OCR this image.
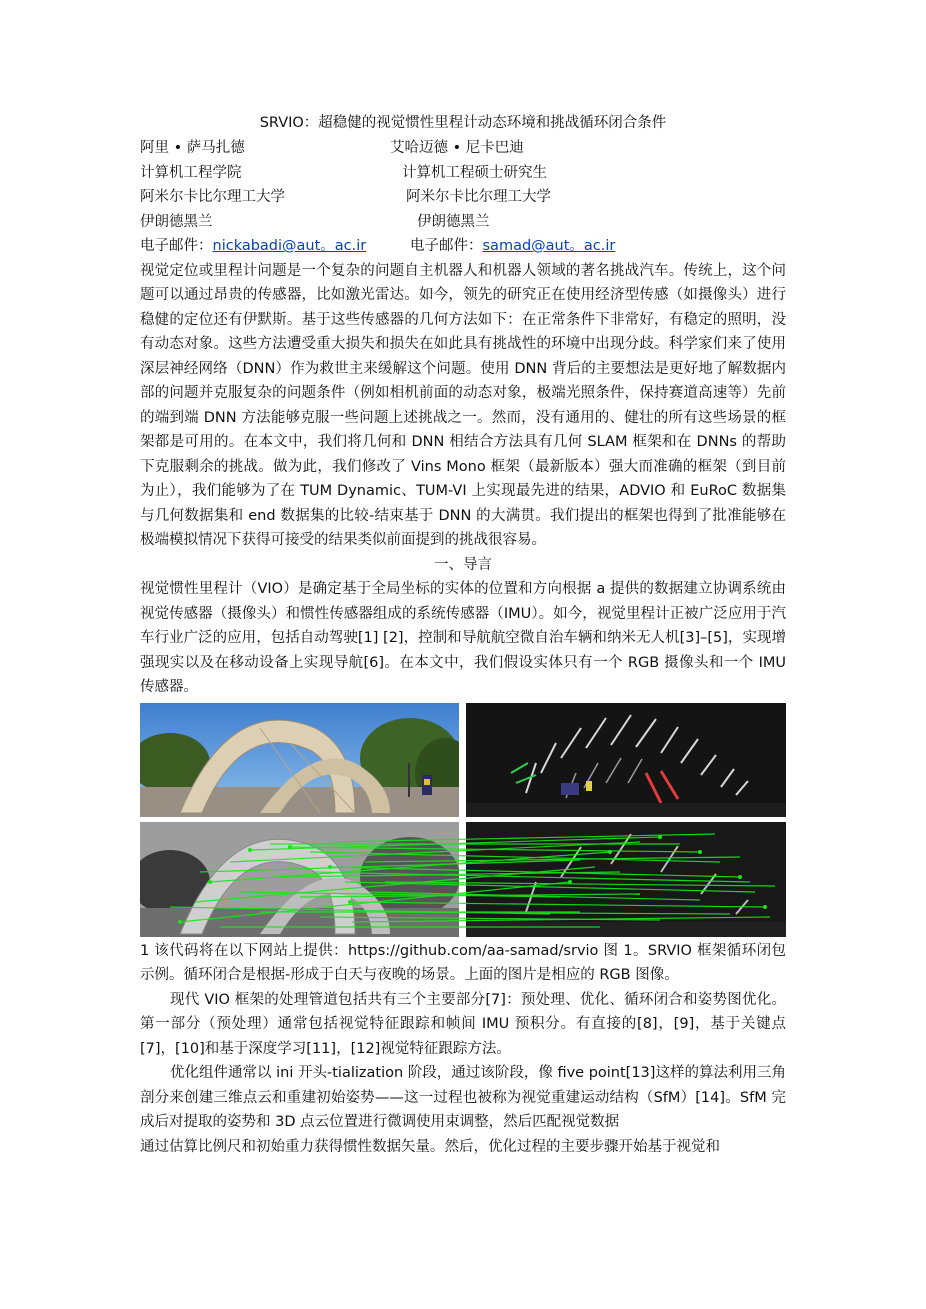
SRVIO：超稳健的视觉惯性里程计动态环境和挑战循环闭合条件
阿里 • 萨马扎德	艾哈迈德 • 尼卡巴迪
计算机工程学院	计算机工程硕士研究生
阿米尔卡比尔理工大学	阿米尔卡比尔理工大学
伊朗德黑兰	伊朗德黑兰
电子邮件：nickabadi@aut。ac.ir	电子邮件：samad@aut。ac.ir

视觉定位或里程计问题是一个复杂的问题自主机器人和机器人领域的著名挑战汽车。传统上，这个问题可以通过昂贵的传感器，比如激光雷达。如今，领先的研究正在使用经济型传感（如摄像头）进行稳健的定位还有伊默斯。基于这些传感器的几何方法如下：在正常条件下非常好，有稳定的照明，没有动态对象。这些方法遭受重大损失和损失在如此具有挑战性的环境中出现分歧。科学家们来了使用深层神经网络（DNN）作为救世主来缓解这个问题。使用 DNN 背后的主要想法是更好地了解数据内部的问题并克服复杂的问题条件（例如相机前面的动态对象，极端光照条件，保持赛道高速等）先前的端到端 DNN 方法能够克服一些问题上述挑战之一。然而，没有通用的、健壮的所有这些场景的框架都是可用的。在本文中，我们将几何和 DNN 相结合方法具有几何 SLAM 框架和在 DNNs 的帮助下克服剩余的挑战。做为此，我们修改了 Vins Mono 框架（最新版本）强大而准确的框架（到目前为止），我们能够为了在 TUM Dynamic、TUM-VI 上实现最先进的结果，ADVIO 和 EuRoC 数据集与几何数据集和 end 数据集的比较-结束基于 DNN 的大满贯。我们提出的框架也得到了批准能够在极端模拟情况下获得可接受的结果类似前面提到的挑战很容易。

一、导言

视觉惯性里程计（VIO）是确定基于全局坐标的实体的位置和方向根据 a 提供的数据建立协调系统由视觉传感器（摄像头）和惯性传感器组成的系统传感器（IMU）。如今，视觉里程计正被广泛应用于汽车行业广泛的应用，包括自动驾驶[1] [2]，控制和导航航空微自治车辆和纳米无人机[3]–[5]，实现增强现实以及在移动设备上实现导航[6]。在本文中，我们假设实体只有一个 RGB 摄像头和一个 IMU 传感器。

1 该代码将在以下网站上提供：https://github.com/aa-samad/srvio 图 1。SRVIO 框架循环闭包示例。循环闭合是根据-形成于白天与夜晚的场景。上面的图片是相应的 RGB 图像。

现代 VIO 框架的处理管道包括共有三个主要部分[7]：预处理、优化、循环闭合和姿势图优化。第一部分（预处理）通常包括视觉特征跟踪和帧间 IMU 预积分。有直接的[8]，[9]，基于关键点[7]，[10]和基于深度学习[11]，[12]视觉特征跟踪方法。

优化组件通常以 ini 开头-tialization 阶段，通过该阶段，像 five point[13]这样的算法利用三角剖分来创建三维点云和重建初始姿势——这一过程也被称为视觉重建运动结构（SfM）[14]。SfM 完成后对提取的姿势和 3D 点云位置进行微调使用束调整，然后匹配视觉数据

通过估算比例尺和初始重力获得惯性数据矢量。然后，优化过程的主要步骤开始基于视觉和
